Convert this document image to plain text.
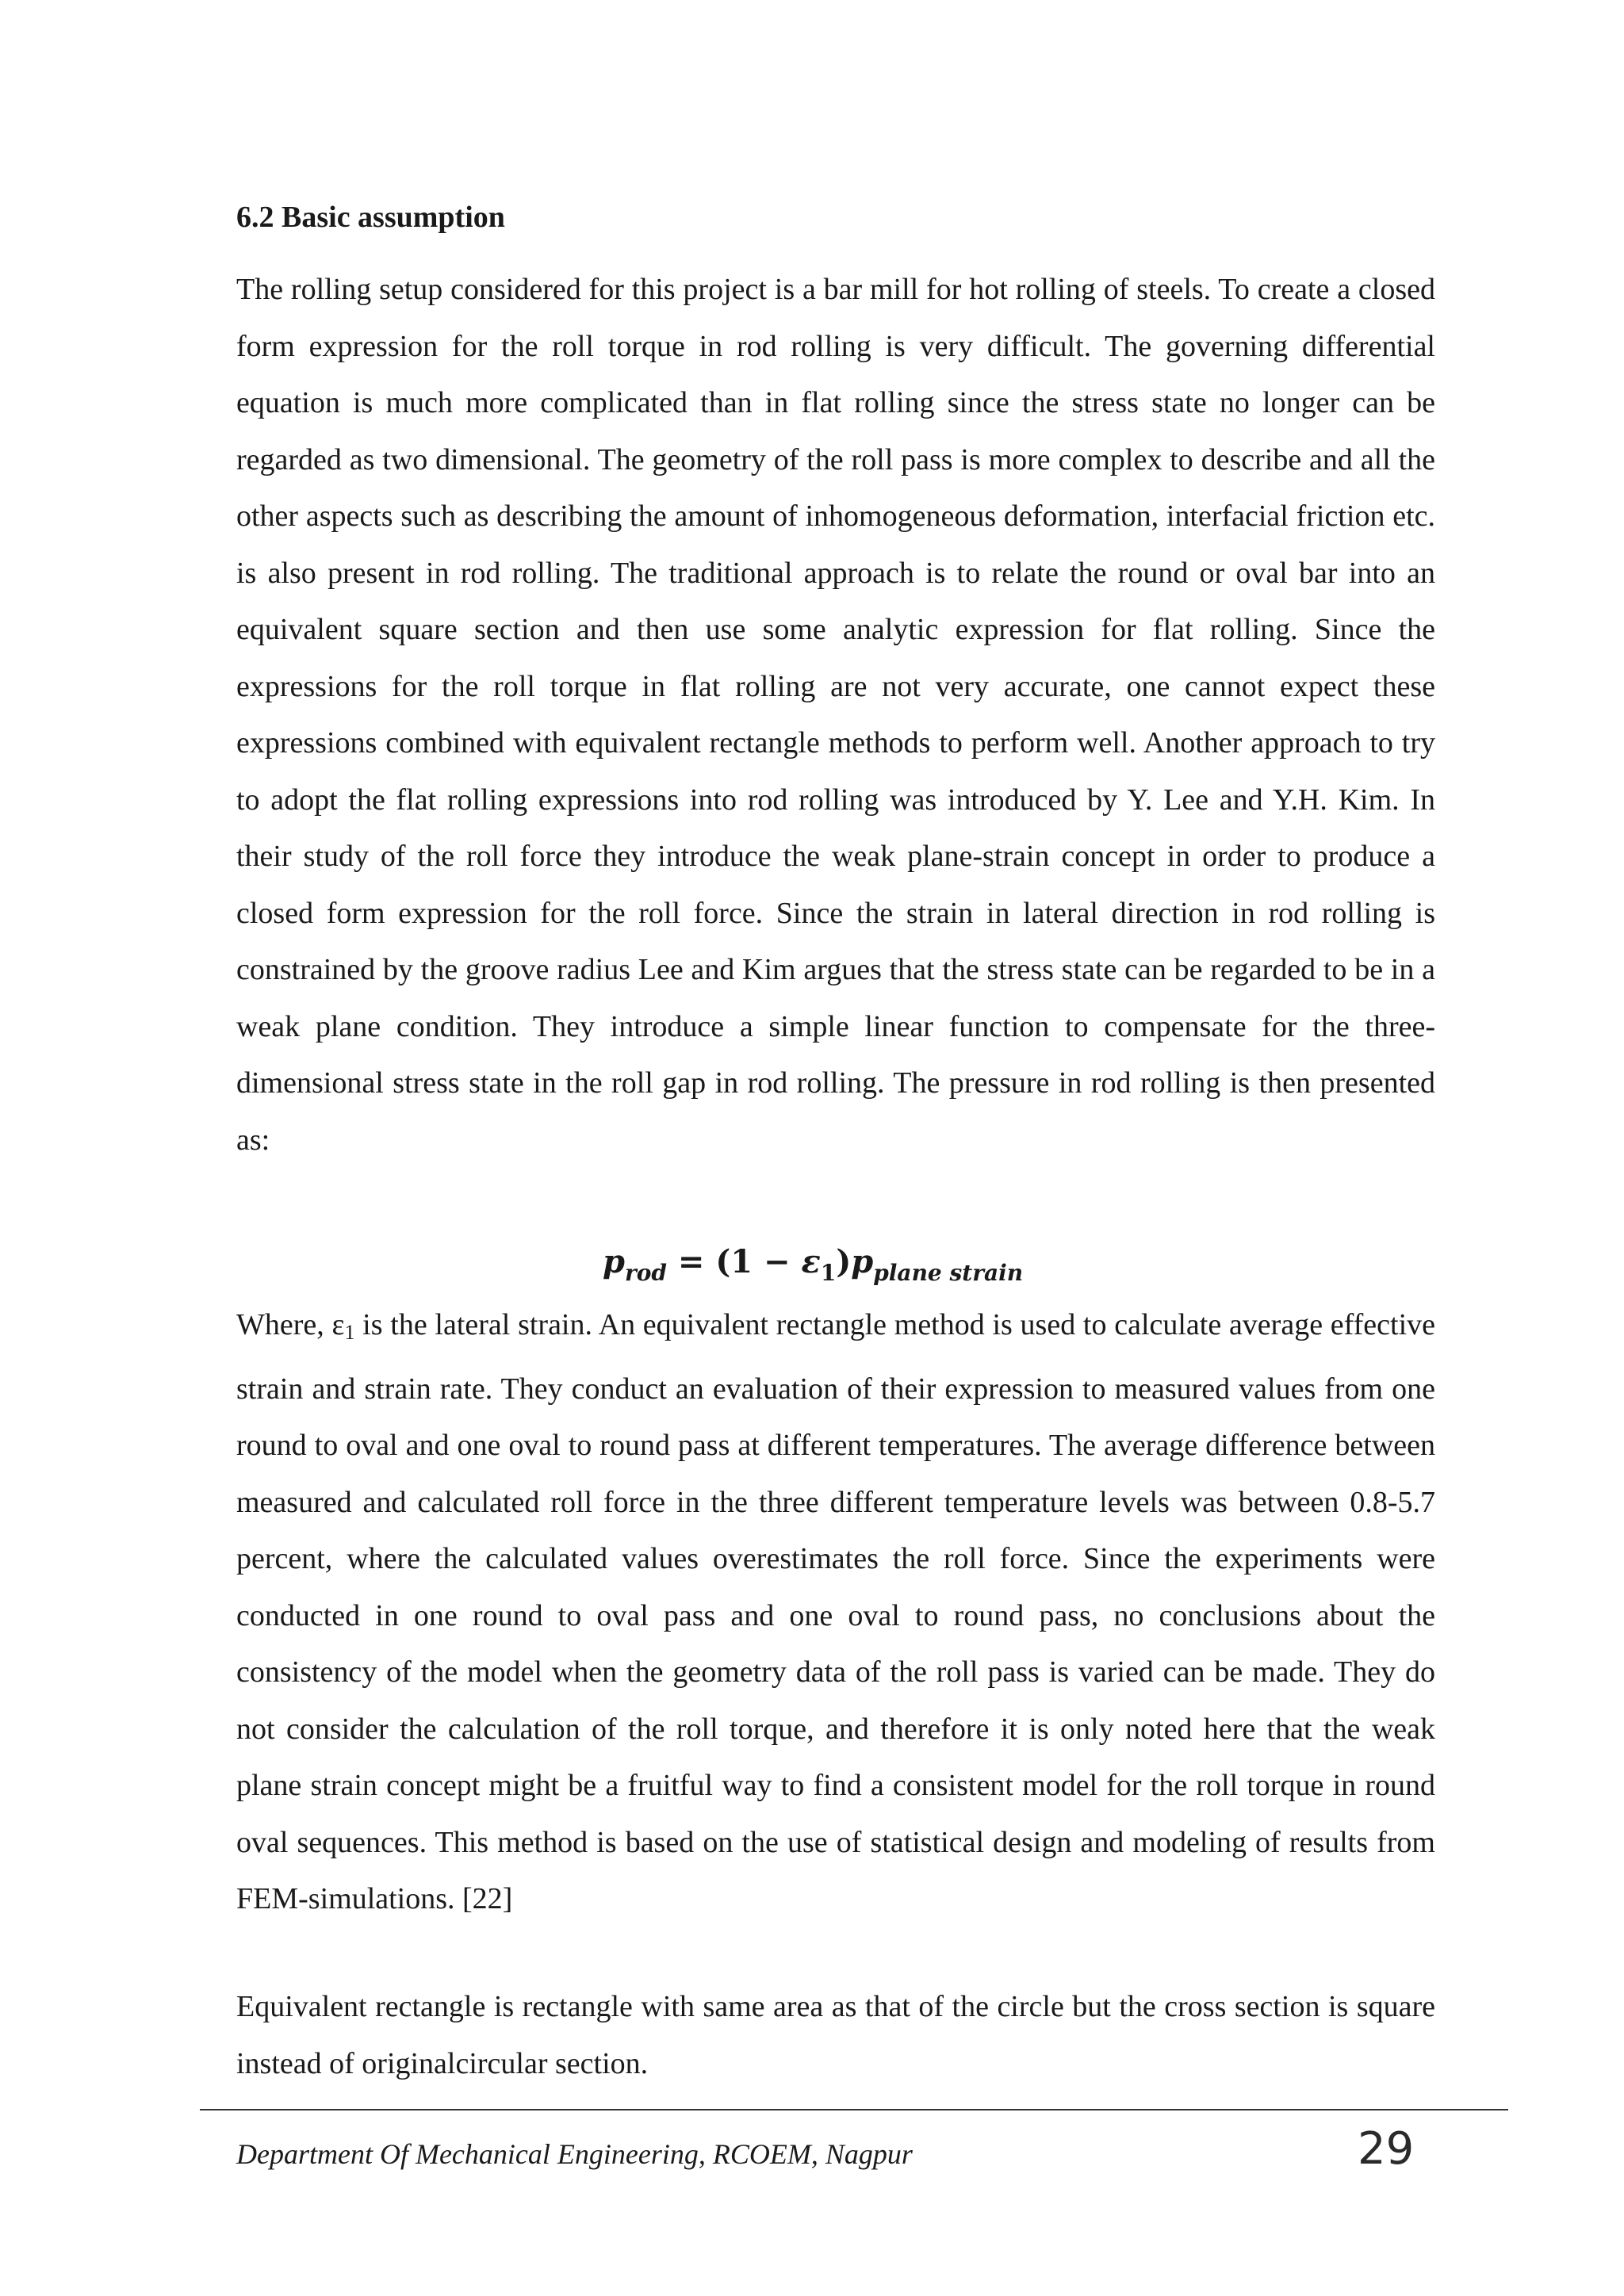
6.2 Basic assumption

The rolling setup considered for this project is a bar mill for hot rolling of steels. To create a closed form expression for the roll torque in rod rolling is very difficult. The governing differential equation is much more complicated than in flat rolling since the stress state no longer can be regarded as two dimensional. The geometry of the roll pass is more complex to describe and all the other aspects such as describing the amount of inhomogeneous deformation, interfacial friction etc. is also present in rod rolling. The traditional approach is to relate the round or oval bar into an equivalent square section and then use some analytic expression for flat rolling. Since the expressions for the roll torque in flat rolling are not very accurate, one cannot expect these expressions combined with equivalent rectangle methods to perform well. Another approach to try to adopt the flat rolling expressions into rod rolling was introduced by Y. Lee and Y.H. Kim. In their study of the roll force they introduce the weak plane-strain concept in order to produce a closed form expression for the roll force. Since the strain in lateral direction in rod rolling is constrained by the groove radius Lee and Kim argues that the stress state can be regarded to be in a weak plane condition. They introduce a simple linear function to compensate for the three-dimensional stress state in the roll gap in rod rolling. The pressure in rod rolling is then presented as:

$p_{rod} = (1 - \varepsilon_1)p_{plane strain}$

Where, ε1 is the lateral strain. An equivalent rectangle method is used to calculate average effective strain and strain rate. They conduct an evaluation of their expression to measured values from one round to oval and one oval to round pass at different temperatures. The average difference between measured and calculated roll force in the three different temperature levels was between 0.8-5.7 percent, where the calculated values overestimates the roll force. Since the experiments were conducted in one round to oval pass and one oval to round pass, no conclusions about the consistency of the model when the geometry data of the roll pass is varied can be made. They do not consider the calculation of the roll torque, and therefore it is only noted here that the weak plane strain concept might be a fruitful way to find a consistent model for the roll torque in round oval sequences. This method is based on the use of statistical design and modeling of results from FEM-simulations. [22]

Equivalent rectangle is rectangle with same area as that of the circle but the cross section is square instead of originalcircular section.

Department Of Mechanical Engineering, RCOEM, Nagpur	29
